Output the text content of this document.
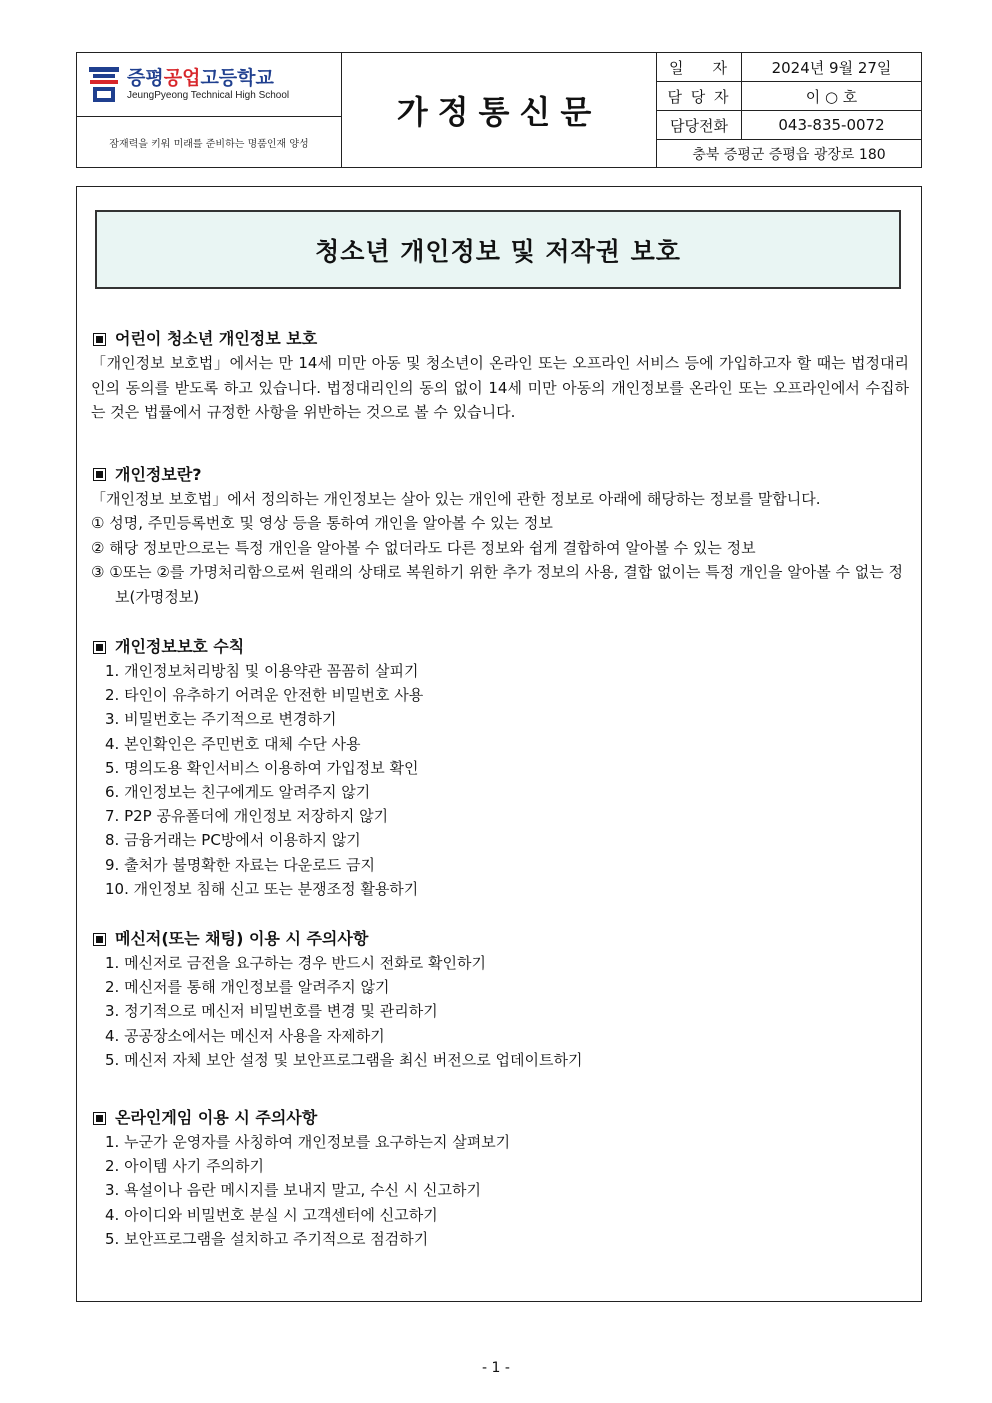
증평공업고등학교
JeungPyeong Technical High School
잠재력을 키워 미래를 준비하는 명품인재 양성
가정통신문
일    자	2024년 9월 27일
담 당 자	이 ○ 호
담당전화	043-835-0072
충북 증평군 증평읍 광장로 180
청소년 개인정보 및 저작권 보호
어린이 청소년 개인정보 보호

「개인정보 보호법」에서는 만 14세 미만 아동 및 청소년이 온라인 또는 오프라인 서비스 등에 가입하고자 할 때는 법정대리인의 동의를 받도록 하고 있습니다. 법정대리인의 동의 없이 14세 미만 아동의 개인정보를 온라인 또는 오프라인에서 수집하는 것은 법률에서 규정한 사항을 위반하는 것으로 볼 수 있습니다.

개인정보란?

「개인정보 보호법」에서 정의하는 개인정보는 살아 있는 개인에 관한 정보로 아래에 해당하는 정보를 말합니다.

① 성명, 주민등록번호 및 영상 등을 통하여 개인을 알아볼 수 있는 정보

② 해당 정보만으로는 특정 개인을 알아볼 수 없더라도 다른 정보와 쉽게 결합하여 알아볼 수 있는 정보

③ ①또는 ②를 가명처리함으로써 원래의 상태로 복원하기 위한 추가 정보의 사용, 결합 없이는 특정 개인을 알아볼 수 없는 정보(가명정보)

개인정보보호 수칙

1. 개인정보처리방침 및 이용약관 꼼꼼히 살피기

2. 타인이 유추하기 어려운 안전한 비밀번호 사용

3. 비밀번호는 주기적으로 변경하기

4. 본인확인은 주민번호 대체 수단 사용

5. 명의도용 확인서비스 이용하여 가입정보 확인

6. 개인정보는 친구에게도 알려주지 않기

7. P2P 공유폴더에 개인정보 저장하지 않기

8. 금융거래는 PC방에서 이용하지 않기

9. 출처가 불명확한 자료는 다운로드 금지

10. 개인정보 침해 신고 또는 분쟁조정 활용하기

메신저(또는 채팅) 이용 시 주의사항

1. 메신저로 금전을 요구하는 경우 반드시 전화로 확인하기

2. 메신저를 통해 개인정보를 알려주지 않기

3. 정기적으로 메신저 비밀번호를 변경 및 관리하기

4. 공공장소에서는 메신저 사용을 자제하기

5. 메신저 자체 보안 설정 및 보안프로그램을 최신 버전으로 업데이트하기

온라인게임 이용 시 주의사항

1. 누군가 운영자를 사칭하여 개인정보를 요구하는지 살펴보기

2. 아이템 사기 주의하기

3. 욕설이나 음란 메시지를 보내지 말고, 수신 시 신고하기

4. 아이디와 비밀번호 분실 시 고객센터에 신고하기

5. 보안프로그램을 설치하고 주기적으로 점검하기

- 1 -
